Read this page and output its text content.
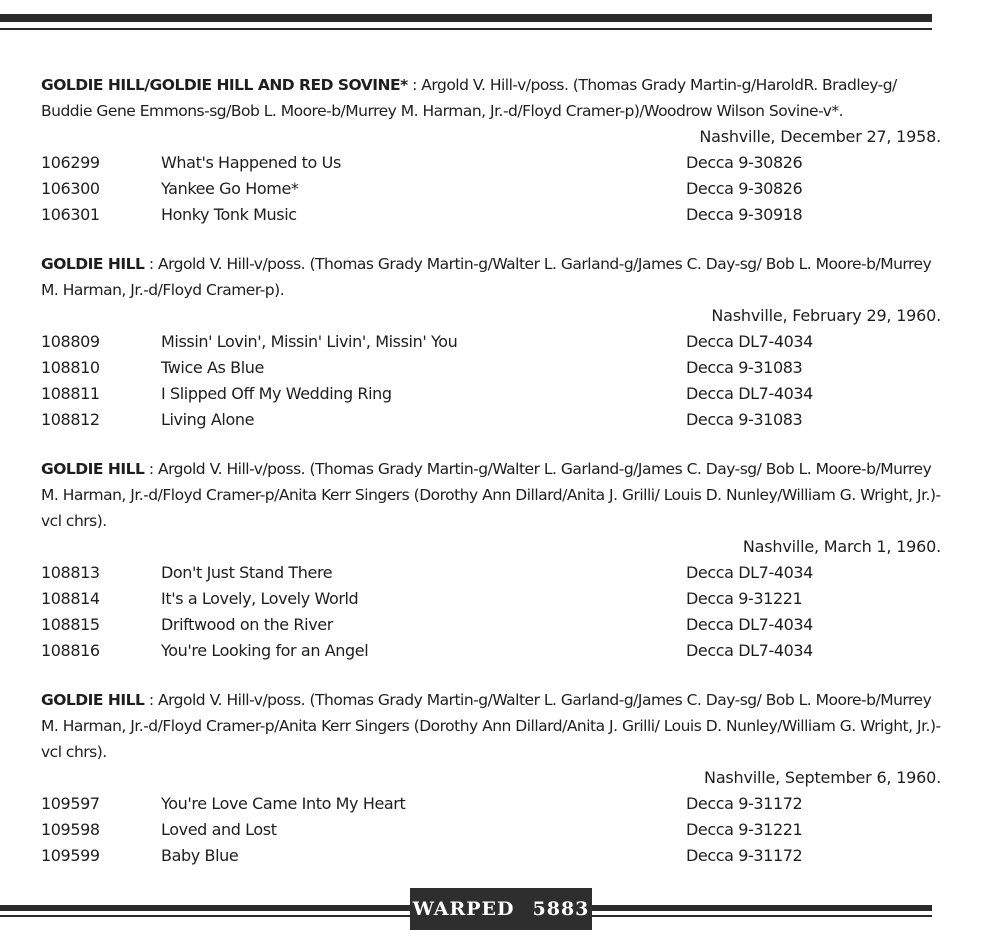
GOLDIE HILL/GOLDIE HILL AND RED SOVINE* : Argold V. Hill-v/poss. (Thomas Grady Martin-g/HaroldR. Bradley-g/ Buddie Gene Emmons-sg/Bob L. Moore-b/Murrey M. Harman, Jr.-d/Floyd Cramer-p)/Woodrow Wilson Sovine-v*.

Nashville, December 27, 1958.
106299	What's Happened to Us	Decca 9-30826
106300	Yankee Go Home*	Decca 9-30826
106301	Honky Tonk Music	Decca 9-30918

GOLDIE HILL : Argold V. Hill-v/poss. (Thomas Grady Martin-g/Walter L. Garland-g/James C. Day-sg/ Bob L. Moore-b/Murrey M. Harman, Jr.-d/Floyd Cramer-p).

Nashville, February 29, 1960.
108809	Missin' Lovin', Missin' Livin', Missin' You	Decca DL7-4034
108810	Twice As Blue	Decca 9-31083
108811	I Slipped Off My Wedding Ring	Decca DL7-4034
108812	Living Alone	Decca 9-31083

GOLDIE HILL : Argold V. Hill-v/poss. (Thomas Grady Martin-g/Walter L. Garland-g/James C. Day-sg/ Bob L. Moore-b/Murrey M. Harman, Jr.-d/Floyd Cramer-p/Anita Kerr Singers (Dorothy Ann Dillard/Anita J. Grilli/ Louis D. Nunley/William G. Wright, Jr.)-vcl chrs).

Nashville, March 1, 1960.
108813	Don't Just Stand There	Decca DL7-4034
108814	It's a Lovely, Lovely World	Decca 9-31221
108815	Driftwood on the River	Decca DL7-4034
108816	You're Looking for an Angel	Decca DL7-4034

GOLDIE HILL : Argold V. Hill-v/poss. (Thomas Grady Martin-g/Walter L. Garland-g/James C. Day-sg/ Bob L. Moore-b/Murrey M. Harman, Jr.-d/Floyd Cramer-p/Anita Kerr Singers (Dorothy Ann Dillard/Anita J. Grilli/ Louis D. Nunley/William G. Wright, Jr.)-vcl chrs).

Nashville, September 6, 1960.
109597	You're Love Came Into My Heart	Decca 9-31172
109598	Loved and Lost	Decca 9-31221
109599	Baby Blue	Decca 9-31172
WARPED 5883
